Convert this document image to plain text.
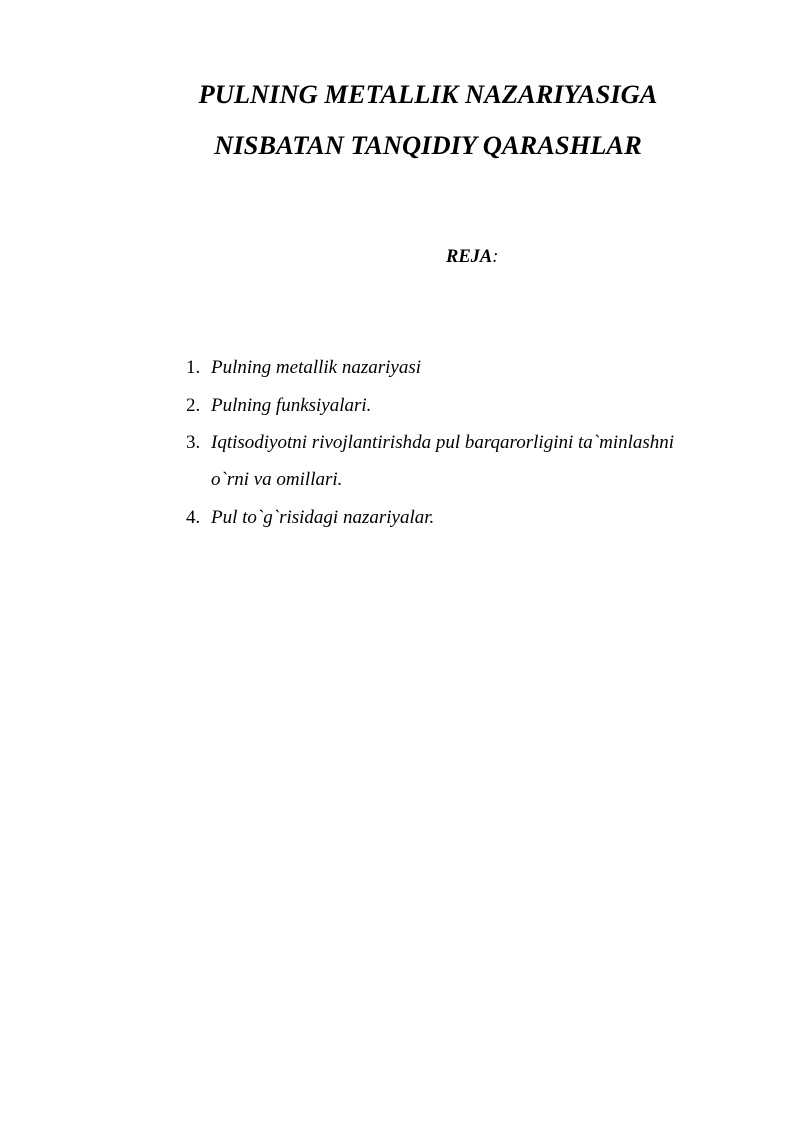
PULNING METALLIK NAZARIYASIGA
NISBATAN TANQIDIY QARASHLAR
REJA:
1. Pulning metallik nazariyasi
2. Pulning funksiyalari.
3. Iqtisodiyotni rivojlantirishda pul barqarorligini ta`minlashni
o`rni va omillari.
4. Pul to`g`risidagi nazariyalar.
